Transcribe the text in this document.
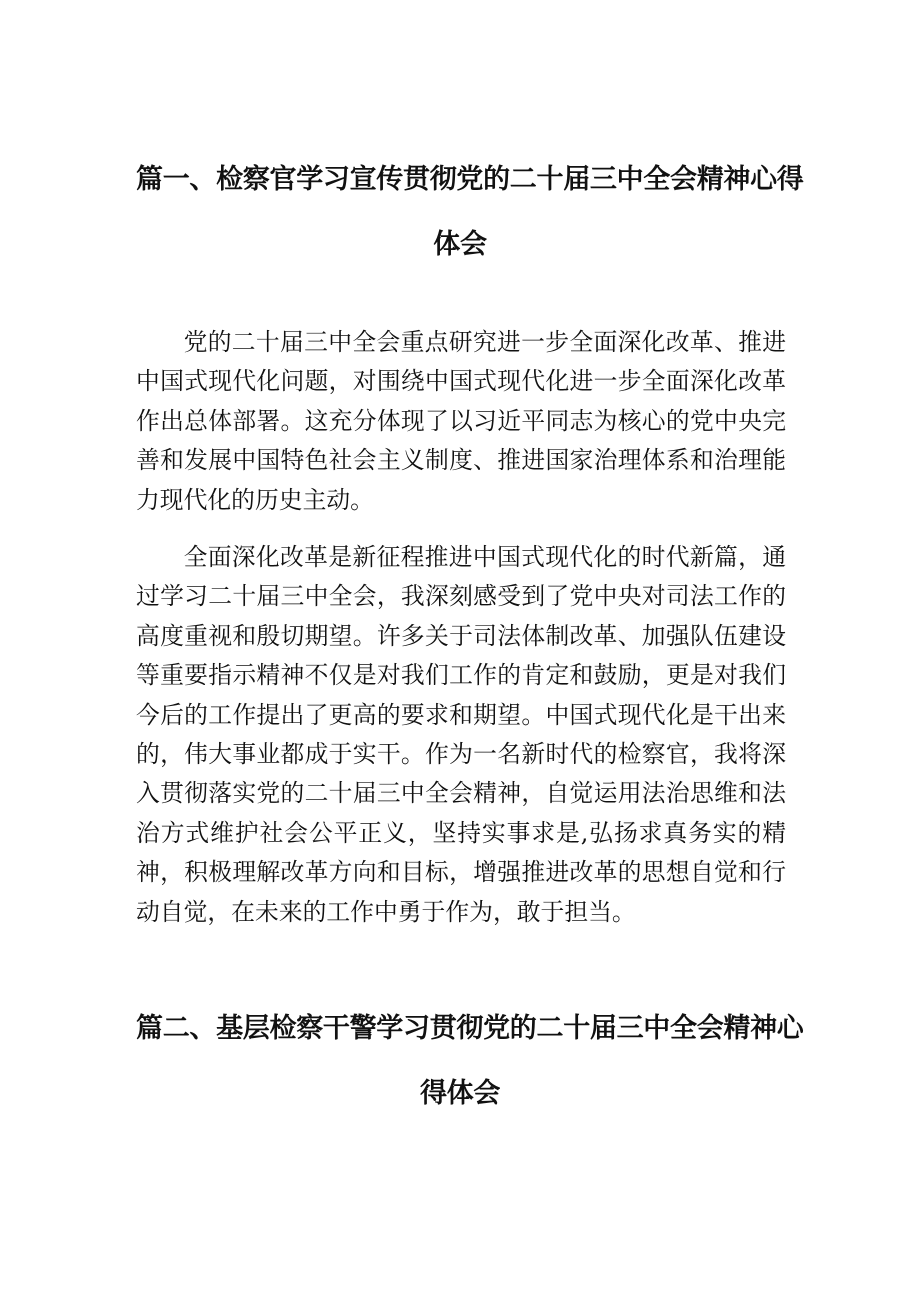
篇一、检察官学习宣传贯彻党的二十届三中全会精神心得
体会

党的二十届三中全会重点研究进一步全面深化改革、推进中国式现代化问题，对围绕中国式现代化进一步全面深化改革作出总体部署。这充分体现了以习近平同志为核心的党中央完善和发展中国特色社会主义制度、推进国家治理体系和治理能力现代化的历史主动。

全面深化改革是新征程推进中国式现代化的时代新篇，通过学习二十届三中全会，我深刻感受到了党中央对司法工作的高度重视和殷切期望。许多关于司法体制改革、加强队伍建设等重要指示精神不仅是对我们工作的肯定和鼓励，更是对我们今后的工作提出了更高的要求和期望。中国式现代化是干出来的，伟大事业都成于实干。作为一名新时代的检察官，我将深入贯彻落实党的二十届三中全会精神，自觉运用法治思维和法治方式维护社会公平正义，坚持实事求是,弘扬求真务实的精神，积极理解改革方向和目标，增强推进改革的思想自觉和行动自觉，在未来的工作中勇于作为，敢于担当。

篇二、基层检察干警学习贯彻党的二十届三中全会精神心
得体会
